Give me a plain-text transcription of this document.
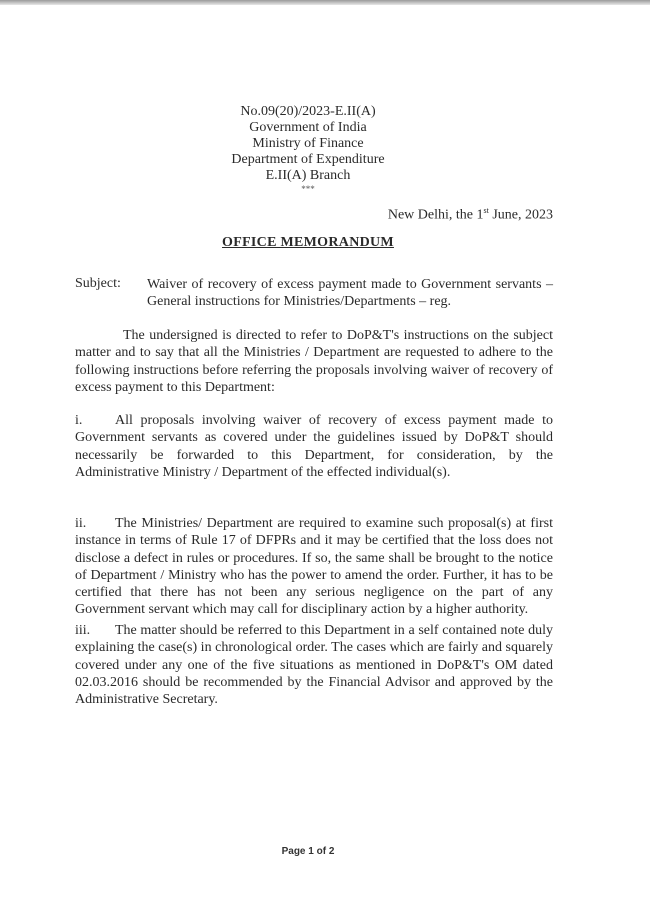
No.09(20)/2023-E.II(A)
Government of India
Ministry of Finance
Department of Expenditure
E.II(A) Branch
***
New Delhi, the 1st June, 2023
OFFICE MEMORANDUM
Subject: Waiver of recovery of excess payment made to Government servants – General instructions for Ministries/Departments – reg.
The undersigned is directed to refer to DoP&T's instructions on the subject matter and to say that all the Ministries / Department are requested to adhere to the following instructions before referring the proposals involving waiver of recovery of excess payment to this Department:
i. All proposals involving waiver of recovery of excess payment made to Government servants as covered under the guidelines issued by DoP&T should necessarily be forwarded to this Department, for consideration, by the Administrative Ministry / Department of the effected individual(s).
ii. The Ministries/ Department are required to examine such proposal(s) at first instance in terms of Rule 17 of DFPRs and it may be certified that the loss does not disclose a defect in rules or procedures. If so, the same shall be brought to the notice of Department / Ministry who has the power to amend the order. Further, it has to be certified that there has not been any serious negligence on the part of any Government servant which may call for disciplinary action by a higher authority.
iii. The matter should be referred to this Department in a self contained note duly explaining the case(s) in chronological order. The cases which are fairly and squarely covered under any one of the five situations as mentioned in DoP&T's OM dated 02.03.2016 should be recommended by the Financial Advisor and approved by the Administrative Secretary.
Page 1 of 2
